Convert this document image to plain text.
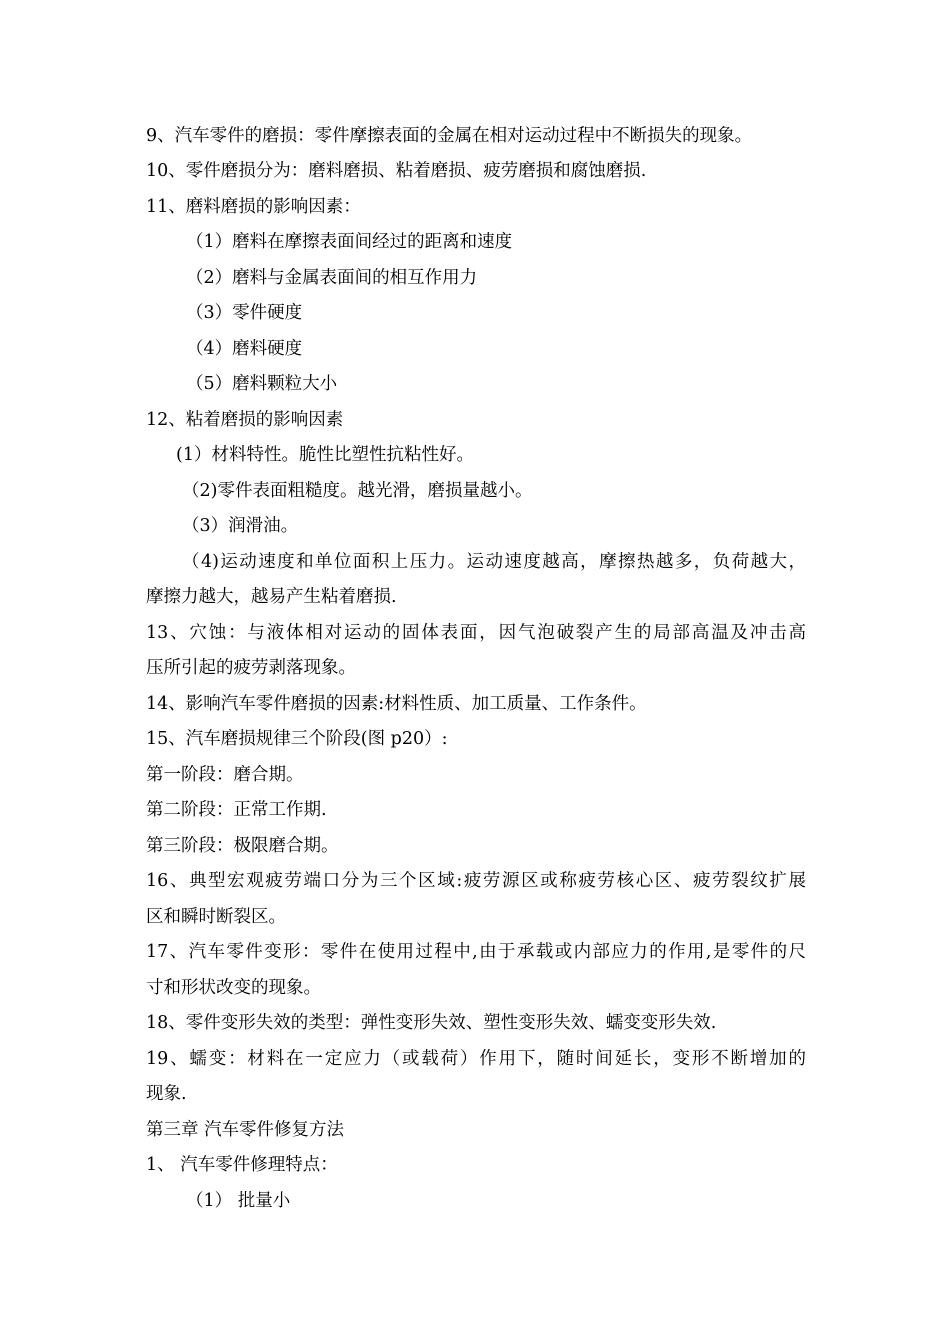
9、汽车零件的磨损：零件摩擦表面的金属在相对运动过程中不断损失的现象。
10、零件磨损分为：磨料磨损、粘着磨损、疲劳磨损和腐蚀磨损.
11、磨料磨损的影响因素：
（1）磨料在摩擦表面间经过的距离和速度
（2）磨料与金属表面间的相互作用力
（3）零件硬度
（4）磨料硬度
（5）磨料颗粒大小
12、粘着磨损的影响因素
(1）材料特性。脆性比塑性抗粘性好。
（2)零件表面粗糙度。越光滑，磨损量越小。
（3）润滑油。
（4)运动速度和单位面积上压力。运动速度越高，摩擦热越多，负荷越大，
摩擦力越大，越易产生粘着磨损.
13、穴蚀：与液体相对运动的固体表面，因气泡破裂产生的局部高温及冲击高
压所引起的疲劳剥落现象。
14、影响汽车零件磨损的因素:材料性质、加工质量、工作条件。
15、汽车磨损规律三个阶段(图 p20）:
第一阶段：磨合期。
第二阶段：正常工作期.
第三阶段：极限磨合期。
16、典型宏观疲劳端口分为三个区域:疲劳源区或称疲劳核心区、疲劳裂纹扩展
区和瞬时断裂区。
17、汽车零件变形：零件在使用过程中,由于承载或内部应力的作用,是零件的尺
寸和形状改变的现象。
18、零件变形失效的类型：弹性变形失效、塑性变形失效、蠕变变形失效.
19、蠕变：材料在一定应力（或载荷）作用下，随时间延长，变形不断增加的
现象.
第三章 汽车零件修复方法
1、 汽车零件修理特点：
（1） 批量小
